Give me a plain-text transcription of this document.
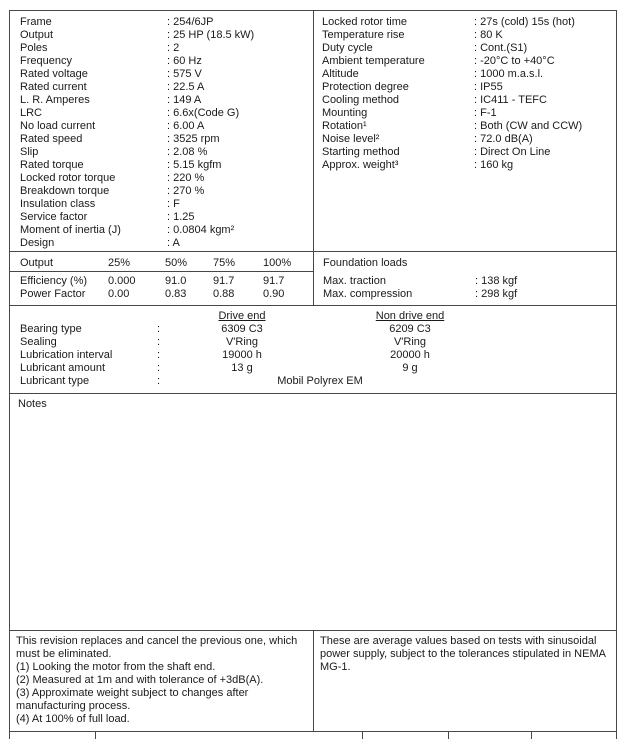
Frame	: 254/6JP
Output	: 25 HP (18.5 kW)
Poles	: 2
Frequency	: 60 Hz
Rated voltage	: 575 V
Rated current	: 22.5 A
L. R. Amperes	: 149 A
LRC	: 6.6x(Code G)
No load current	: 6.00 A
Rated speed	: 3525 rpm
Slip	: 2.08 %
Rated torque	: 5.15 kgfm
Locked rotor torque	: 220 %
Breakdown torque	: 270 %
Insulation class	: F
Service factor	: 1.25
Moment of inertia (J)	: 0.0804 kgm²
Design	: A
Locked rotor time	: 27s (cold) 15s (hot)
Temperature rise	: 80 K
Duty cycle	: Cont.(S1)
Ambient temperature	: -20°C to +40°C
Altitude	: 1000 m.a.s.l.
Protection degree	: IP55
Cooling method	: IC411 - TEFC
Mounting	: F-1
Rotation¹	: Both (CW and CCW)
Noise level²	: 72.0 dB(A)
Starting method	: Direct On Line
Approx. weight³	: 160 kg
Output	25%	50% 75%	100%
Efficiency (%) 0.000	91.0 91.7	91.7
Power Factor 0.00	0.83 0.88	0.90
Foundation loads
Max. traction	: 138 kgf
Max. compression	: 298 kgf
Drive end	Non drive end
Bearing type	:	6309 C3	6209 C3
Sealing	:	V'Ring	V'Ring
Lubrication interval	:	19000 h	20000 h
Lubricant amount	:	13 g	9 g
Lubricant type	:	Mobil Polyrex EM
Notes

This revision replaces and cancel the previous one, which must be eliminated.

(1) Looking the motor from the shaft end.

(2) Measured at 1m and with tolerance of +3dB(A).

(3) Approximate weight subject to changes after manufacturing process.

(4) At 100% of full load.

These are average values based on tests with sinusoidal power supply, subject to the tolerances stipulated in NEMA MG-1.
